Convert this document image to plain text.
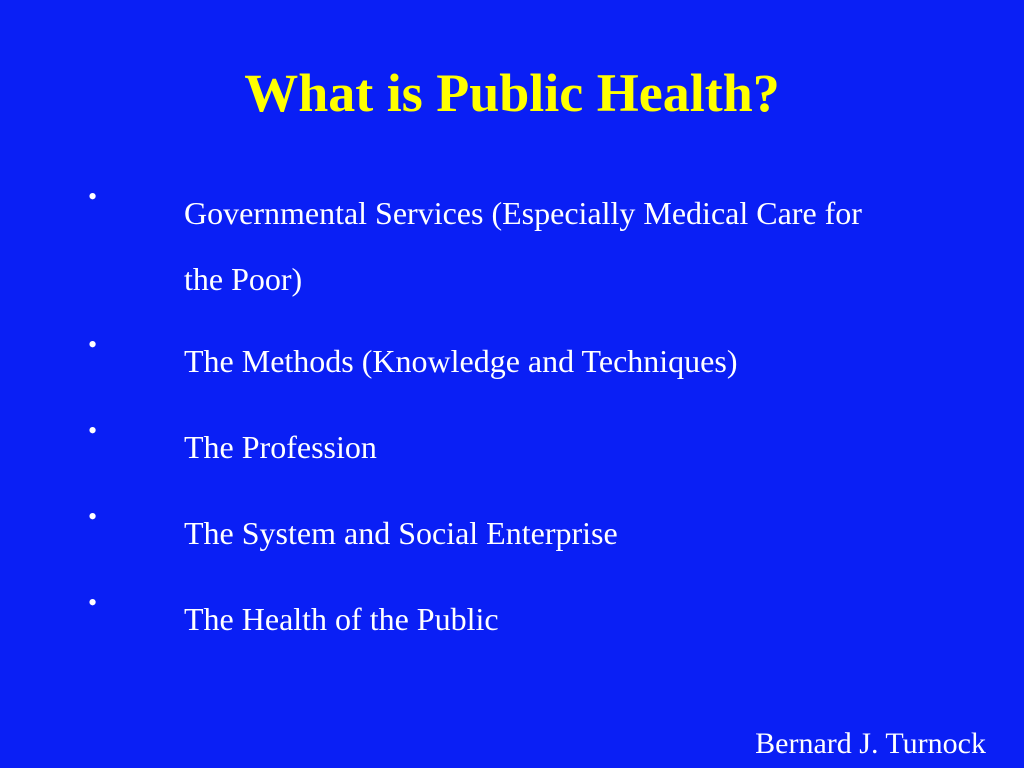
What is Public Health?
•	Governmental Services (Especially Medical Care for the Poor)
•	The Methods (Knowledge and Techniques)
•	The Profession
•	The System and Social Enterprise
•	The Health of the Public

Bernard J. Turnock
